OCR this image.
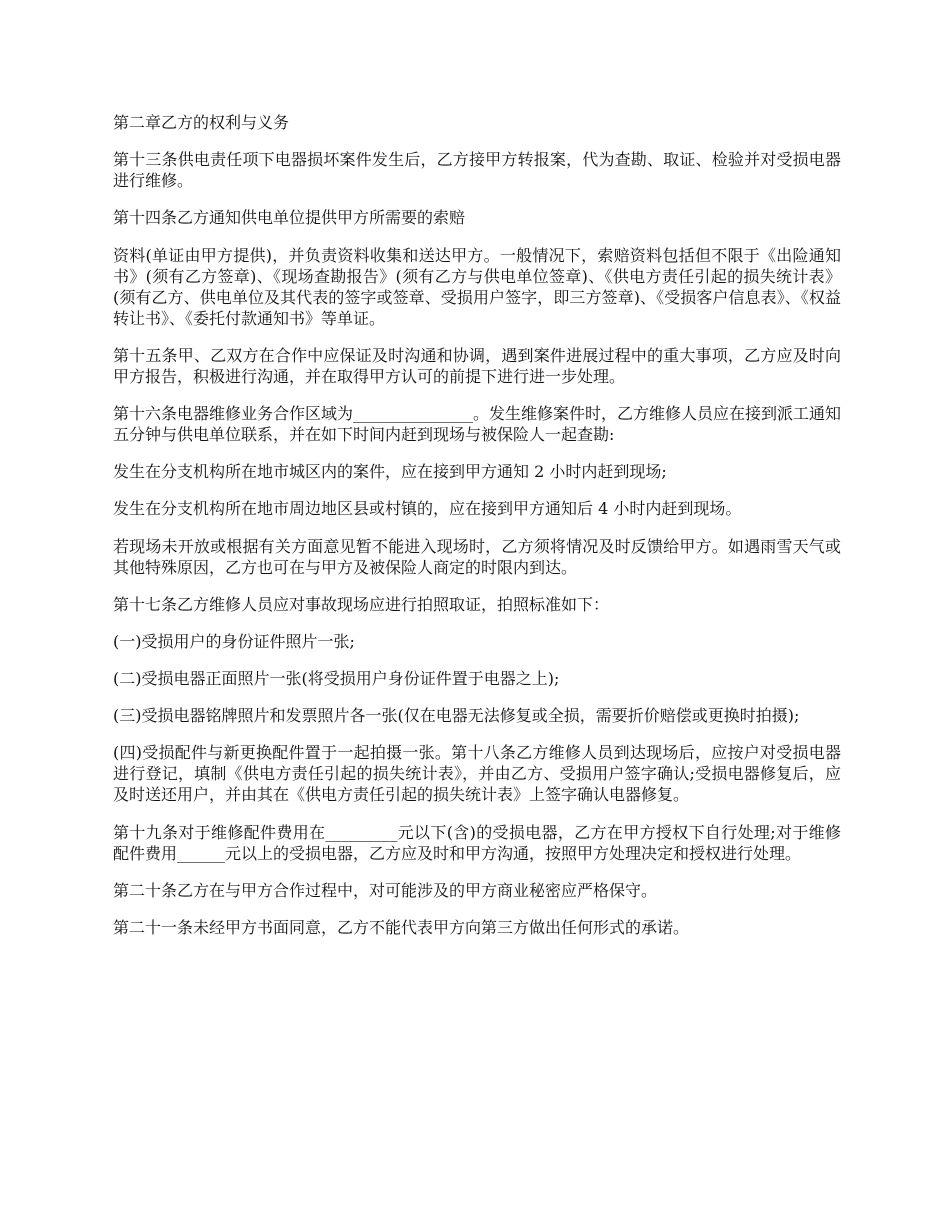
第二章乙方的权利与义务

第十三条供电责任项下电器损坏案件发生后，乙方接甲方转报案，代为查勘、取证、检验并对受损电器进行维修。

第十四条乙方通知供电单位提供甲方所需要的索赔

资料(单证由甲方提供)，并负责资料收集和送达甲方。一般情况下，索赔资料包括但不限于《出险通知书》(须有乙方签章)、《现场查勘报告》(须有乙方与供电单位签章)、《供电方责任引起的损失统计表》(须有乙方、供电单位及其代表的签字或签章、受损用户签字，即三方签章)、《受损客户信息表》、《权益转让书》、《委托付款通知书》等单证。

第十五条甲、乙双方在合作中应保证及时沟通和协调，遇到案件进展过程中的重大事项，乙方应及时向甲方报告，积极进行沟通，并在取得甲方认可的前提下进行进一步处理。

第十六条电器维修业务合作区域为_______________。发生维修案件时，乙方维修人员应在接到派工通知五分钟与供电单位联系，并在如下时间内赶到现场与被保险人一起查勘:

发生在分支机构所在地市城区内的案件，应在接到甲方通知 2 小时内赶到现场;

发生在分支机构所在地市周边地区县或村镇的，应在接到甲方通知后 4 小时内赶到现场。

若现场未开放或根据有关方面意见暂不能进入现场时，乙方须将情况及时反馈给甲方。如遇雨雪天气或其他特殊原因，乙方也可在与甲方及被保险人商定的时限内到达。

第十七条乙方维修人员应对事故现场应进行拍照取证，拍照标准如下：

(一)受损用户的身份证件照片一张;

(二)受损电器正面照片一张(将受损用户身份证件置于电器之上);

(三)受损电器铭牌照片和发票照片各一张(仅在电器无法修复或全损，需要折价赔偿或更换时拍摄);

(四)受损配件与新更换配件置于一起拍摄一张。第十八条乙方维修人员到达现场后，应按户对受损电器进行登记，填制《供电方责任引起的损失统计表》，并由乙方、受损用户签字确认;受损电器修复后，应及时送还用户，并由其在《供电方责任引起的损失统计表》上签字确认电器修复。

第十九条对于维修配件费用在_________元以下(含)的受损电器，乙方在甲方授权下自行处理;对于维修配件费用______元以上的受损电器，乙方应及时和甲方沟通，按照甲方处理决定和授权进行处理。

第二十条乙方在与甲方合作过程中，对可能涉及的甲方商业秘密应严格保守。

第二十一条未经甲方书面同意，乙方不能代表甲方向第三方做出任何形式的承诺。
